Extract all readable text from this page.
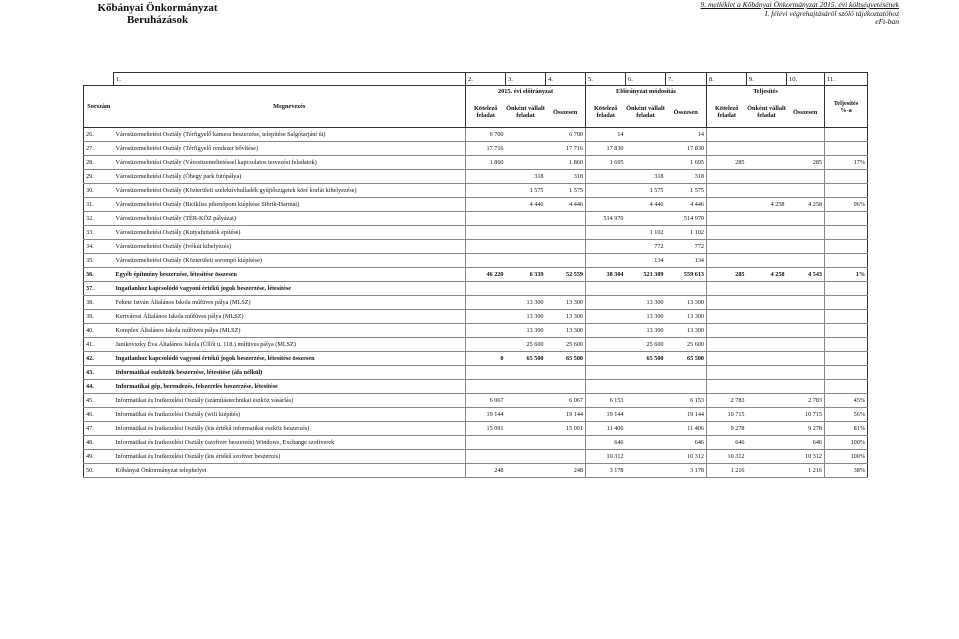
Kőbányai Önkormányzat
Beruházások
9. melléklet a Kőbányai Önkormányzat 2015. évi költségvetésének
I. félévi végrehajtásáról szóló tájékoztatóhoz
eFt-ban
	1.	2.	3.	4.	5.	6.	7.	8.	9.	10.	11.
Sorszám	Megnevezés	2015. évi előirányzat			Előirányzat módosítás			Teljesítés			Teljesítés %-a
		Kötelező feladat	Önként vállalt feladat	Összesen	Kötelező feladat	Önként vállalt feladat	Összesen	Kötelező feladat	Önként vállalt feladat	Összesen	
26.	Városüzemeltetési Osztály (Térfigyelő kamera beszerzése, telepítése Salgótarjáni út)	6 700		6 700	14		14				
27.	Városüzemeltetési Osztály (Térfigyelő rendszer bővítése)	17 716		17 716	17 830		17 830				
28.	Városüzemeltetési Osztály (Városüzemeltetéssel kapcsolatos tervezési feladatok)	1 860		1 860	1 695		1 695	285		285	17%
29.	Városüzemeltetési Osztály (Óhegy park futópálya)		318	318		318	318				
30.	Városüzemeltetési Osztály (Közterületi szelektívhulladék gyűjtőszigetek köré korlát kihelyezése)		1 575	1 575		1 575	1 575				
31.	Városüzemeltetési Osztály (Bicikliss pihenőpont kiépítése Sibrik-Harmat)		4 446	4 446		4 446	4 446		4 258	4 258	96%
32.	Városüzemeltetési Osztály (TÉR-KÖZ pályázat)				514 970		514 970				
33.	Városüzemeltetési Osztály (Kutyafuttatók építése)					1 102	1 102				
34.	Városüzemeltetési Osztály (Ivókút kihelyezés)					772	772				
35.	Városüzemeltetési Osztály (Közterületi sorompó kiépítése)					134	134				
36.	Egyéb építmény beszerzése, létesítése összesen	46 220	6 339	52 559	38 304	521 309	559 613	285	4 258	4 543	1%
37.	Ingatlanhoz kapcsolódó vagyoni értékű jogok beszerzése, létesítése										
38.	Fekete István Általános Iskola műfüves pálya (MLSZ)		13 300	13 300		13 300	13 300				
39.	Kertvárosi Általános Iskola műfüves pálya (MLSZ)		13 300	13 300		13 300	13 300				
40.	Komplex Általános Iskola műfüves pálya (MLSZ)		13 300	13 300		13 300	13 300				
41.	Janikovszky Éva Általános Iskola (Üllői u. 118.) műfüves pálya (MLSZ)		25 600	25 600		25 600	25 600				
42.	Ingatlanhoz kapcsolódó vagyoni értékű jogok beszerzése, létesítése összesen	0	65 500	65 500		65 500	65 500				
43.	Informatikai eszközök beszerzése, létesítése (áfa nélkül)										
44.	Informatikai gép, berendezés, felszerelés beszerzése, létesítése										
45.	Informatikai és Iratkezelési Osztály (számítástechnikai eszköz vásárlás)	6 067		6 067	6 153		6 153	2 783		2 783	45%
46.	Informatikai és Iratkezelési Osztály (wifi kiépítés)	19 144		19 144	19 144		19 144	10 715		10 715	56%
47.	Informatikai és Iratkezelési Osztály (kis értékű informatikai eszköz beszerzés)	15 091		15 091	11 406		11 406	9 278		9 278	81%
48.	Informatikai és Iratkezelési Osztály (szoftver beszerzés) Windows, Exchange szoftverek				646		646	646		646	100%
49.	Informatikai és Iratkezelési Osztály (kis értékű szoftver beszerzés)				10 312		10 312	10 312		10 312	100%
50.	Kőbányai Önkormányzat telephelyei	248		248	3 178		3 178	1 216		1 216	38%
